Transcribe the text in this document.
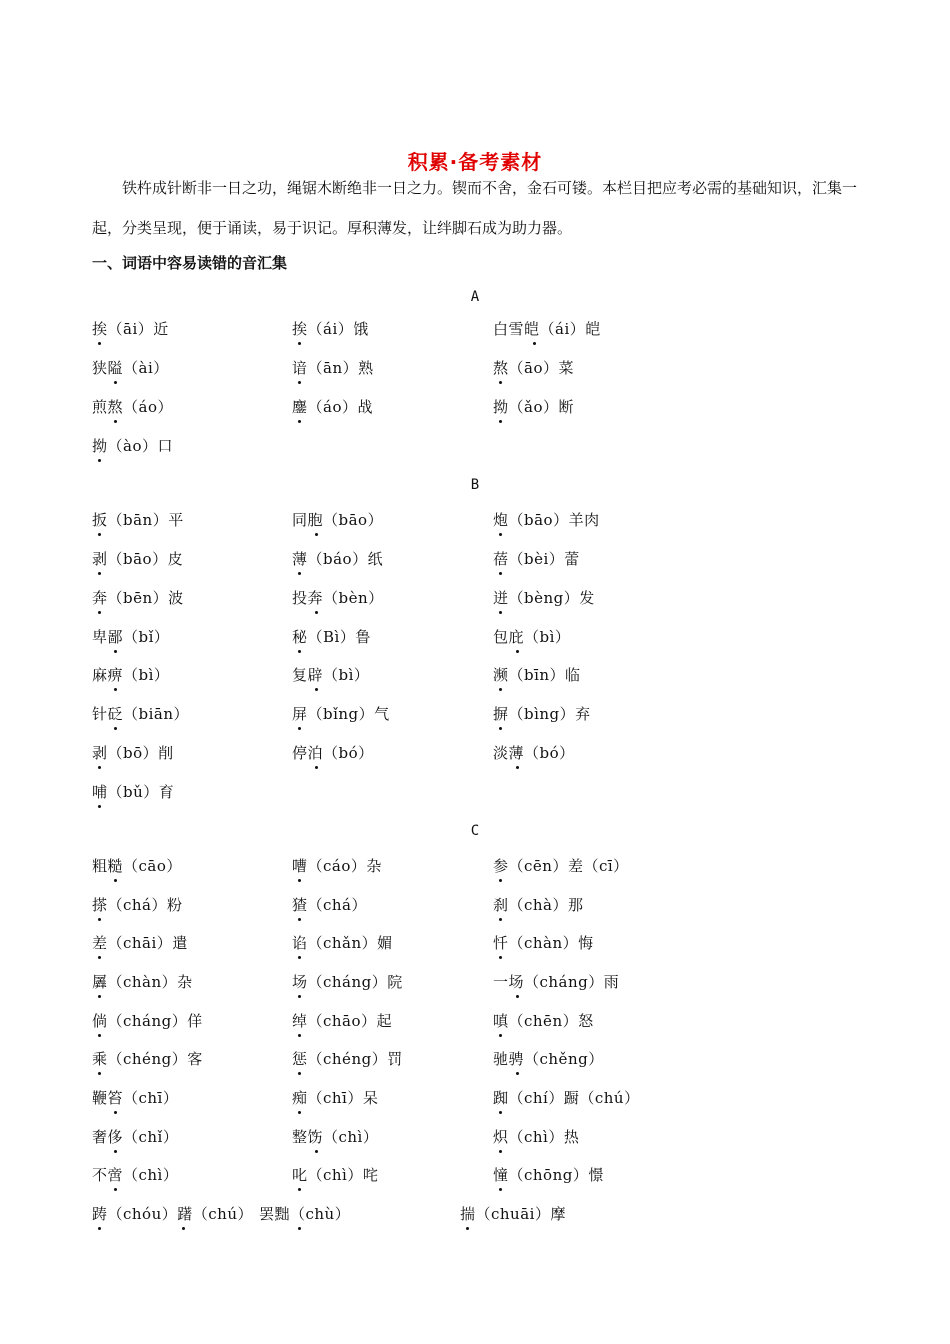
积累·备考素材
铁杵成针断非一日之功，绳锯木断绝非一日之力。锲而不舍，金石可镂。本栏目把应考必需的基础知识，汇集一起，分类呈现，便于诵读，易于识记。厚积薄发，让绊脚石成为助力器。
一、词语中容易读错的音汇集
A
挨（āi）近	挨（ái）饿	白雪皑（ái）皑
狭隘（ài）	谙（ān）熟	熬（āo）菜
煎熬（áo）	鏖（áo）战	拗（ǎo）断
拗（ào）口
B
扳（bān）平	同胞（bāo）	炮（bāo）羊肉
剥（bāo）皮	薄（báo）纸	蓓（bèi）蕾
奔（bēn）波	投奔（bèn）	迸（bèng）发
卑鄙（bǐ）	秘（Bì）鲁	包庇（bì）
麻痹（bì）	复辟（bì）	濒（bīn）临
针砭（biān）	屏（bǐng）气	摒（bìng）弃
剥（bō）削	停泊（bó）	淡薄（bó）
哺（bǔ）育
C
粗糙（cāo）	嘈（cáo）杂	参（cēn）差（cī）
搽（chá）粉	猹（chá）	刹（chà）那
差（chāi）遣	谄（chǎn）媚	忏（chàn）悔
羼（chàn）杂	场（cháng）院	一场（cháng）雨
倘（cháng）佯	绰（chāo）起	嗔（chēn）怒
乘（chéng）客	惩（chéng）罚	驰骋（chěng）
鞭笞（chī）	痴（chī）呆	踟（chí）蹰（chú）
奢侈（chǐ）	整饬（chì）	炽（chì）热
不啻（chì）	叱（chì）咤	憧（chōng）憬
踌（chóu）躇（chú） 罢黜（chù）	揣（chuāi）摩
